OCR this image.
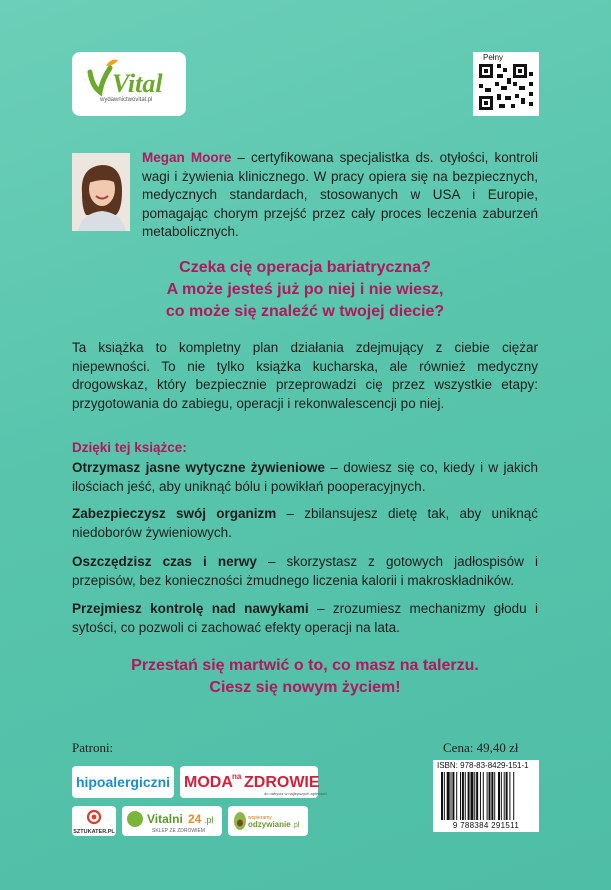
Vital
wydawnictwovital.pl
Pełny
Megan Moore – certyfikowana specjalistka ds. otyłości, kontroli wagi i żywienia klinicznego. W pracy opiera się na bezpiecznych, medycznych standardach, stosowanych w USA i Europie, pomagając chorym przejść przez cały proces leczenia zaburzeń metabolicznych.
Czeka cię operacja bariatryczna?
A może jesteś już po niej i nie wiesz,
co może się znaleźć w twojej diecie?
Ta książka to kompletny plan działania zdejmujący z ciebie ciężar niepewności. To nie tylko książka kucharska, ale również medyczny drogowskaz, który bezpiecznie przeprowadzi cię przez wszystkie etapy: przygotowania do zabiegu, operacji i rekonwalescencji po niej.
Dzięki tej książce:
Otrzymasz jasne wytyczne żywieniowe – dowiesz się co, kiedy i w jakich ilościach jeść, aby uniknąć bólu i powikłań pooperacyjnych.
Zabezpieczysz swój organizm – zbilansujesz dietę tak, aby uniknąć niedoborów żywieniowych.
Oszczędzisz czas i nerwy – skorzystasz z gotowych jadłospisów i przepisów, bez konieczności żmudnego liczenia kalorii i makroskładników.
Przejmiesz kontrolę nad nawykami – zrozumiesz mechanizmy głodu i sytości, co pozwoli ci zachować efekty operacji na lata.
Przestań się martwić o to, co masz na talerzu.
Ciesz się nowym życiem!
Patroni:	Cena: 49,40 zł
hipoalergiczni MODA na ZDROWIE
do nabycia w najlepszych aptekach
SZTUKATER.PL
Vitalni 24 .pl
SKLEP ZE ZDROWIEM
wspieramy
odzywianie .pl
ISBN: 978-83-8429-151-1
9 788384 291511
